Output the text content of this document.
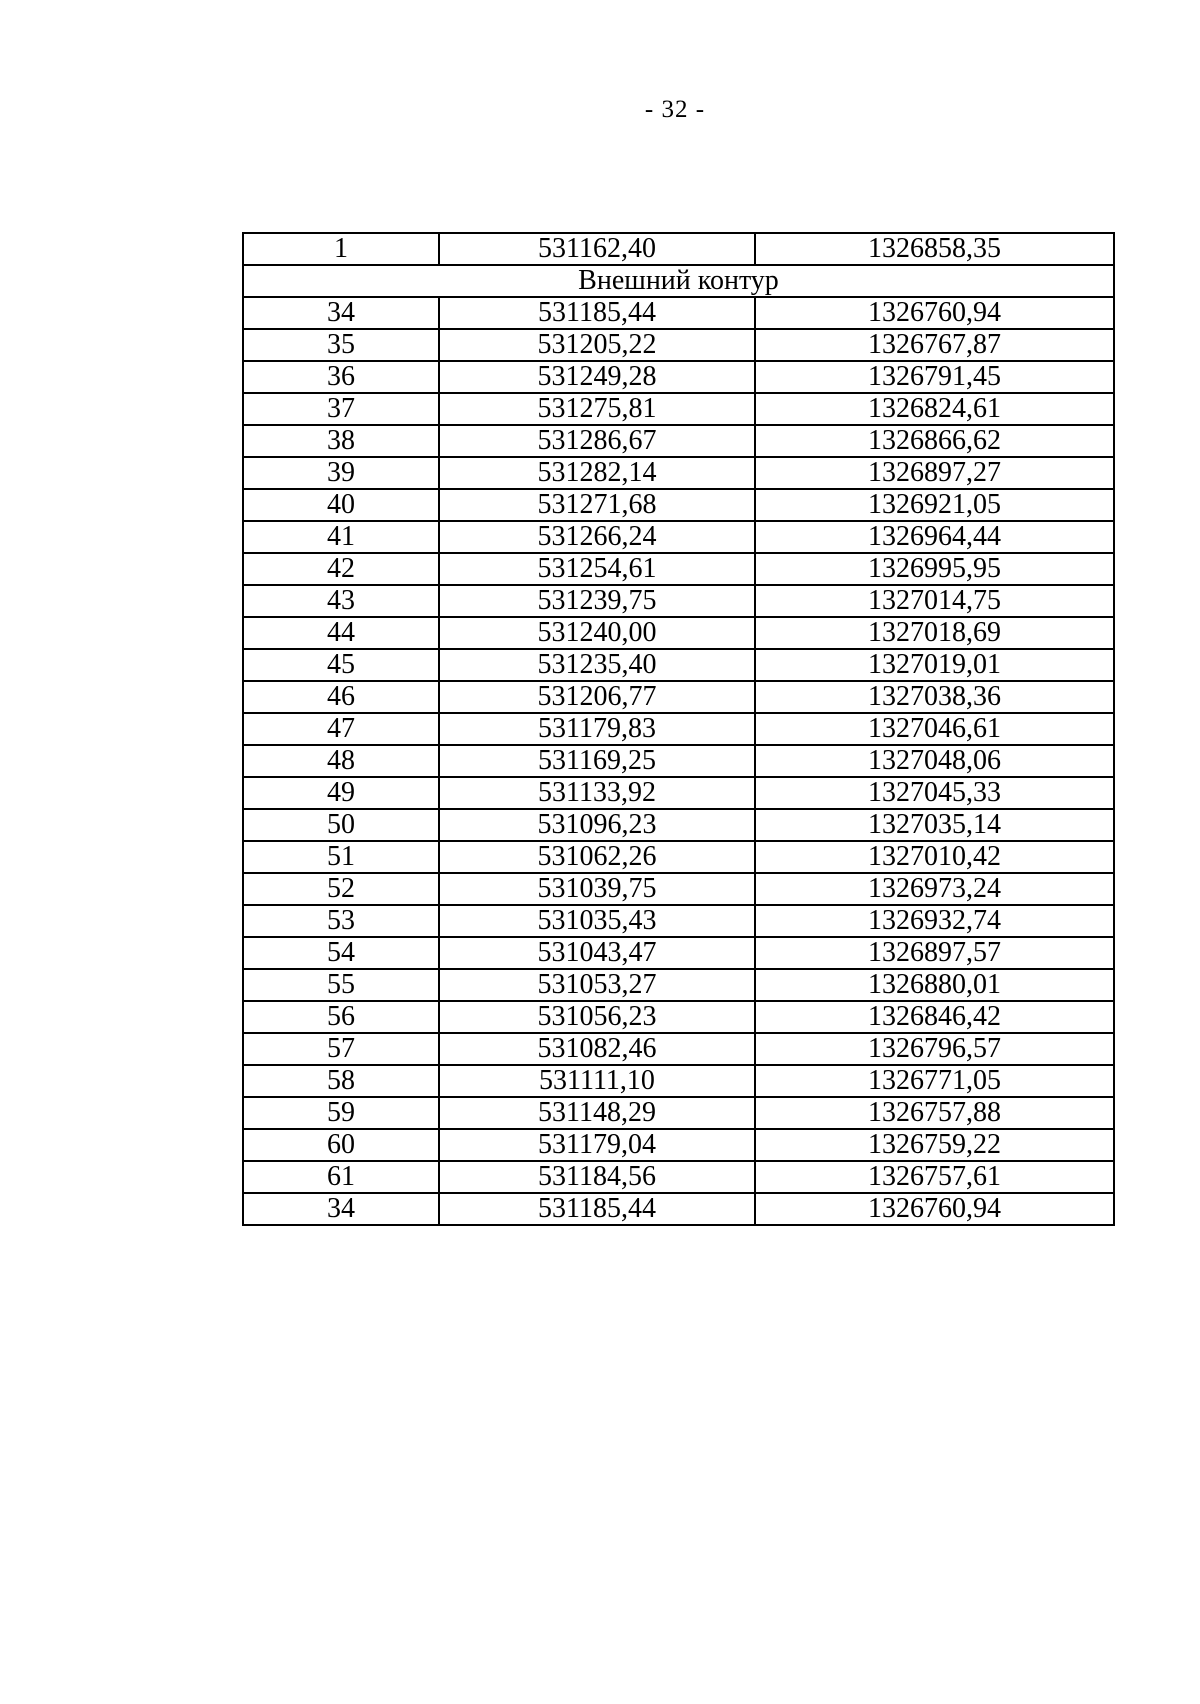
- 32 -
1	531162,40	1326858,35
Внешний контур		
34	531185,44	1326760,94
35	531205,22	1326767,87
36	531249,28	1326791,45
37	531275,81	1326824,61
38	531286,67	1326866,62
39	531282,14	1326897,27
40	531271,68	1326921,05
41	531266,24	1326964,44
42	531254,61	1326995,95
43	531239,75	1327014,75
44	531240,00	1327018,69
45	531235,40	1327019,01
46	531206,77	1327038,36
47	531179,83	1327046,61
48	531169,25	1327048,06
49	531133,92	1327045,33
50	531096,23	1327035,14
51	531062,26	1327010,42
52	531039,75	1326973,24
53	531035,43	1326932,74
54	531043,47	1326897,57
55	531053,27	1326880,01
56	531056,23	1326846,42
57	531082,46	1326796,57
58	531111,10	1326771,05
59	531148,29	1326757,88
60	531179,04	1326759,22
61	531184,56	1326757,61
34	531185,44	1326760,94
